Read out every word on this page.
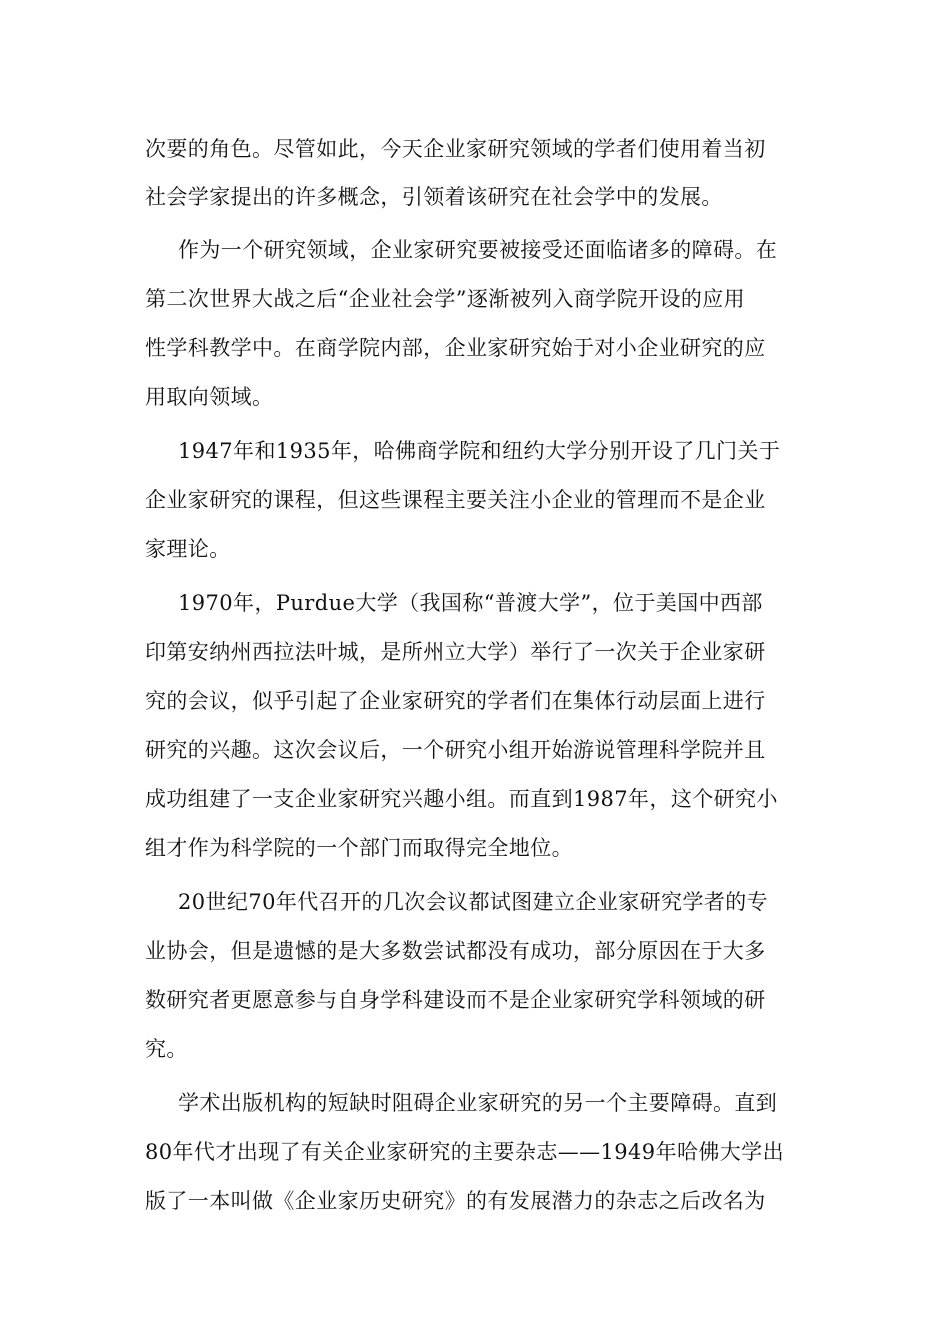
次要的角色。尽管如此，今天企业家研究领域的学者们使用着当初
社会学家提出的许多概念，引领着该研究在社会学中的发展。
作为一个研究领域，企业家研究要被接受还面临诸多的障碍。在
第二次世界大战之后“企业社会学”逐渐被列入商学院开设的应用
性学科教学中。在商学院内部，企业家研究始于对小企业研究的应
用取向领域。
1947年和1935年，哈佛商学院和纽约大学分别开设了几门关于
企业家研究的课程，但这些课程主要关注小企业的管理而不是企业
家理论。
1970年，Purdue大学（我国称“普渡大学”，位于美国中西部
印第安纳州西拉法叶城，是所州立大学）举行了一次关于企业家研
究的会议，似乎引起了企业家研究的学者们在集体行动层面上进行
研究的兴趣。这次会议后，一个研究小组开始游说管理科学院并且
成功组建了一支企业家研究兴趣小组。而直到1987年，这个研究小
组才作为科学院的一个部门而取得完全地位。
20世纪70年代召开的几次会议都试图建立企业家研究学者的专
业协会，但是遗憾的是大多数尝试都没有成功，部分原因在于大多
数研究者更愿意参与自身学科建设而不是企业家研究学科领域的研
究。
学术出版机构的短缺时阻碍企业家研究的另一个主要障碍。直到
80年代才出现了有关企业家研究的主要杂志——1949年哈佛大学出
版了一本叫做《企业家历史研究》的有发展潜力的杂志之后改名为
